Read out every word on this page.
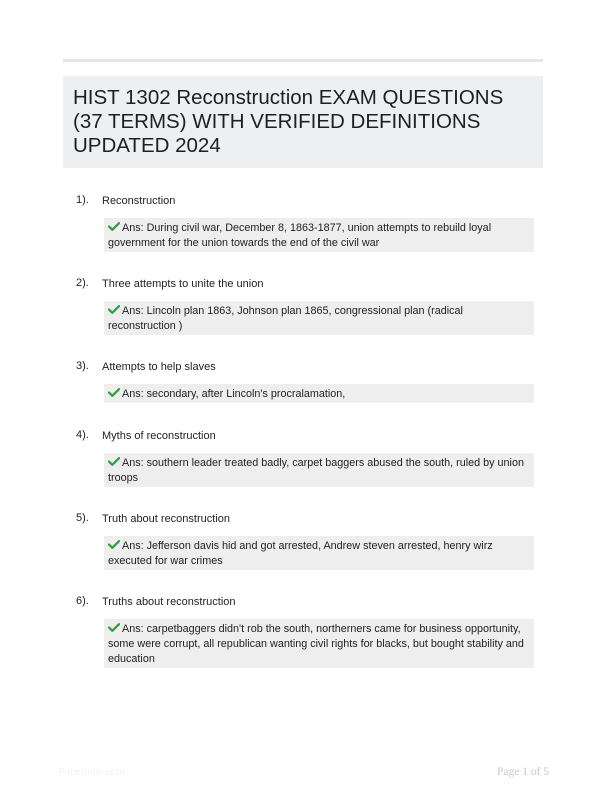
HIST 1302 Reconstruction EXAM QUESTIONS (37 TERMS) WITH VERIFIED DEFINITIONS UPDATED 2024
1). Reconstruction
Ans: During civil war, December 8, 1863-1877, union attempts to rebuild loyal government for the union towards the end of the civil war
2). Three attempts to unite the union
Ans: Lincoln plan 1863, Johnson plan 1865, congressional plan (radical reconstruction )
3). Attempts to help slaves
Ans: secondary, after Lincoln's procralamation,
4). Myths of reconstruction
Ans: southern leader treated badly, carpet baggers abused the south, ruled by union troops
5). Truth about reconstruction
Ans: Jefferson davis hid and got arrested, Andrew steven arrested, henry wirz executed for war crimes
6). Truths about reconstruction
Ans: carpetbaggers didn't rob the south, northerners came for business opportunity, some were corrupt, all republican wanting civil rights for blacks, but bought stability and education
Paperfolio.com	Page 1 of 5
